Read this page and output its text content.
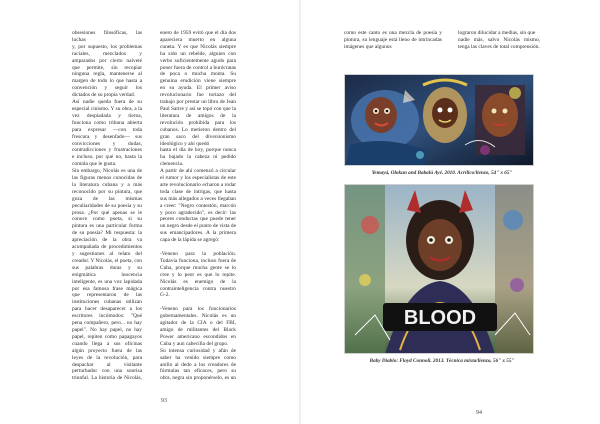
obsesiones filosóficas, las luchas
y, por supuesto, los problemas raciales, mezclados y amparados por cierto naiveté que permite, sin recopiar ninguna regla, mantenerse al margen de todo lo que hasta a convención y seguir los dictados de su propia verdad.
Así nadie queda fuera de su especial cinismo. Y su obra, a la vez despiadada y tierna, funciona como tribuna abierta para expresar —con toda frescura y desenfado— sus convicciones y dudas, contradicciones y frustraciones e incluso, por qué no, hasta la comida que le gusta.
Sin embargo, Nicolás es una de las figuras menos conocidas de la literatura cubana y a más reconocido por su pintura, que goza de las mismas peculiaridades de su poesía y su prosa. ¿Por qué apenas se le conoce como poeta, si su pintura es una particular forma de su poesía? Mi respuesta: la apreciación de la obra va acompañada de procedimientos y sugestiones al relato del creador. Y Nicolás, el poeta, con sus palabras duras y su enigmática inocencia inteligente, es una voz lapidada por esa famosa frase mágica que representaron de las instituciones cubanas utilizan para hacer desaparecer a los escritores incómodos: "Qué pena compañero, pero... no hay papel". No hay papel, no hay papel, repiten como papagayos cuando llega a sus oficinas algún proyecto fuera de las leyes de la revolución, para despachar al visitante perturbador con una sonrisa triunfal. La historia de Nicolás,

enero de 1959 evitó que el día dos apareciera muerto en alguna cuneta. Y es que Nicolás siempre ha sido un rebelde, alguien con verbo suficientemente agudo para poner fuera de control a burócratas de poca o mucha monta. Su genuina erudición viene siempre en su ayuda. El primer aviso revolucionario fue tortazo del trabajo por prestar un libro de Jean Paul Sartre y así se topó con que la literatura de amigos de la revolución prohibida para los cubanos. Lo metieron dentro del gran saco del diversionismo ideológico y ahí quedó
hasta el día de hoy, porque nunca ha bajado la cabeza ni pedido clemencia.
A partir de ahí comenzó a circular el rumor y los especialistas de este arte revolucionario echaron a rodar toda clase de intrigas, que hasta sus más allegados a veces llegaban a creer: "Negro contestón, marcón y poco agradecido", es decir: las peores conductas que puede tener un negro desde el punto de vista de sus emancipadores. A la primera capa de la lápida se agregó:

-Veneno para la población. Todavía funciona, incluso fuera de Cuba, porque mucha gente se lo cree y lo peor es que lo repite. Nicolás es enemigo de la contrainteligencia contra nuestro G-2.

-Veneno para los funcionarios gubernamentales. Nicolás es un agitador de la CIA o del FBI, amigo de militantes del Black Power americano escondidos en Cuba y aun cabecilla del grupo.
Su intensa curiosidad y afán de saber ha venido siempre como anillo al dedo a los creadores de fórmulas tan eficaces, pero su obra, negra sin proponérselo, es un

93

como este canto es una mezcla de poesía y pintura, su lenguaje está lleno de intrincadas imágenes que algunos

lograron dilucidar a medias, sin que
nadie más, salvo Nicolás mismo, tenga las claves de total comprensión.

Yemayá, Olokun and Babalú Ayé. 2010. Acrílico/lienzo, 54" x 65"
BLOOD
Baby Diablo: Floyd Connoli. 2013. Técnica mixta/lienzo, 56" x 55"
94
